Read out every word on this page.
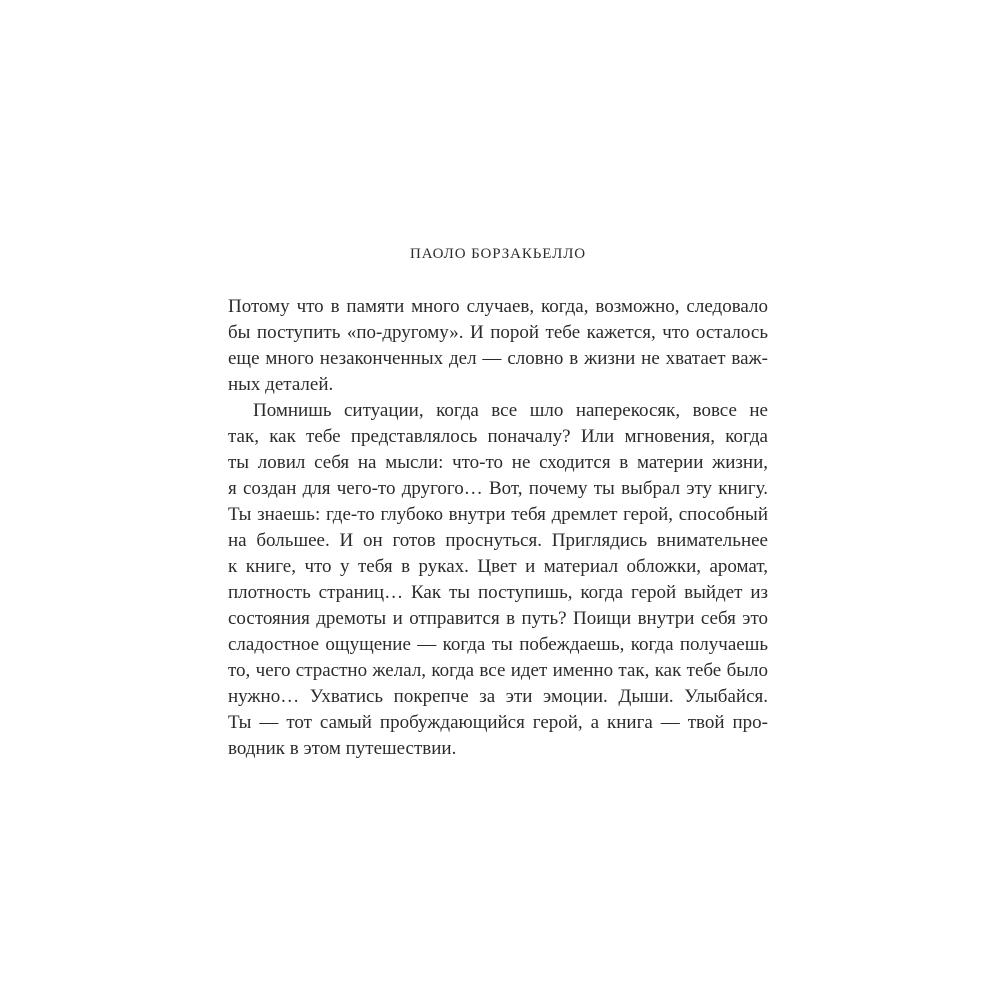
ПАОЛО БОРЗАКЬЕЛЛО
Потому что в памяти много случаев, когда, возможно, следовало
бы поступить «по-другому». И порой тебе кажется, что осталось
еще много незаконченных дел — словно в жизни не хватает важ-
ных деталей.
Помнишь ситуации, когда все шло наперекосяк, вовсе не
так, как тебе представлялось поначалу? Или мгновения, когда
ты ловил себя на мысли: что-то не сходится в материи жизни,
я создан для чего-то другого… Вот, почему ты выбрал эту книгу.
Ты знаешь: где-то глубоко внутри тебя дремлет герой, способный
на большее. И он готов проснуться. Приглядись внимательнее
к книге, что у тебя в руках. Цвет и материал обложки, аромат,
плотность страниц… Как ты поступишь, когда герой выйдет из
состояния дремоты и отправится в путь? Поищи внутри себя это
сладостное ощущение — когда ты побеждаешь, когда получаешь
то, чего страстно желал, когда все идет именно так, как тебе было
нужно… Ухватись покрепче за эти эмоции. Дыши. Улыбайся.
Ты — тот самый пробуждающийся герой, а книга — твой про-
водник в этом путешествии.
